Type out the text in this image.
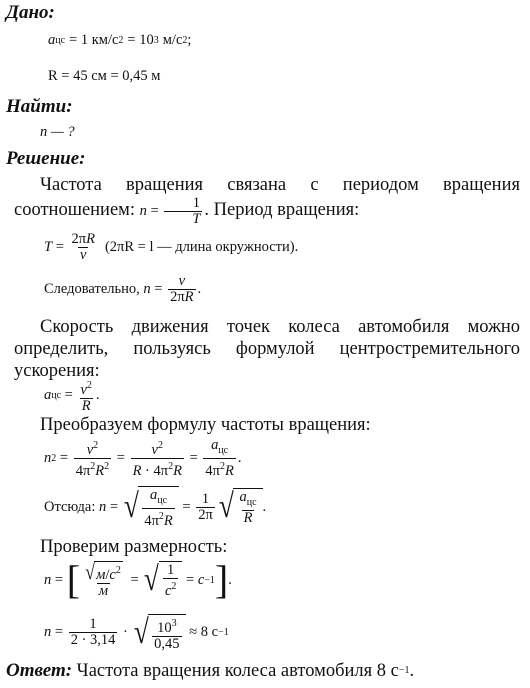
Дано:
a цс = 1 км/с 2 = 10 3 м/с 2 ;
R = 45 см = 0,45 м
Найти:
n — ?
Решение:
Частота вращения связана с периодом вращения соотношением: $n = \frac{1}{T}$ . Период вращения:
$T = \frac{2\pi R}{v} (2\pi R = l$ — длина окружности).
Следовательно,
$n = \frac{v}{2\pi R}$ .
Скорость движения точек колеса автомобиля можно определить, пользуясь формулой центростремительного ускорения:
a цс = $\frac{v^2}{R}$ .
Преобразуем формулу частоты вращения:
n $2 = \frac{v^2}{4\pi^2R^2} = \frac{v^2}{R \cdot 4\pi^2R} = \frac{a_{цс}}{4\pi^2R}$ .
Отсюда:
n = √ $\frac{a_{цс}}{4\pi^2R} = \frac{1}{2\pi}$ √ $\frac{a_{цс}}{R}$ .
Проверим размерность:
n = [ $\frac{√ м/c^2}{м}$ = √ $\frac{1}{c^2} = c -1$ ] .
$n = \frac{1}{2 \cdot 3,14}$ · √ $\frac{10^3}{0,45}$
≈ 8 с −1
Ответ:
Частота вращения колеса автомобиля 8 с −1 .
